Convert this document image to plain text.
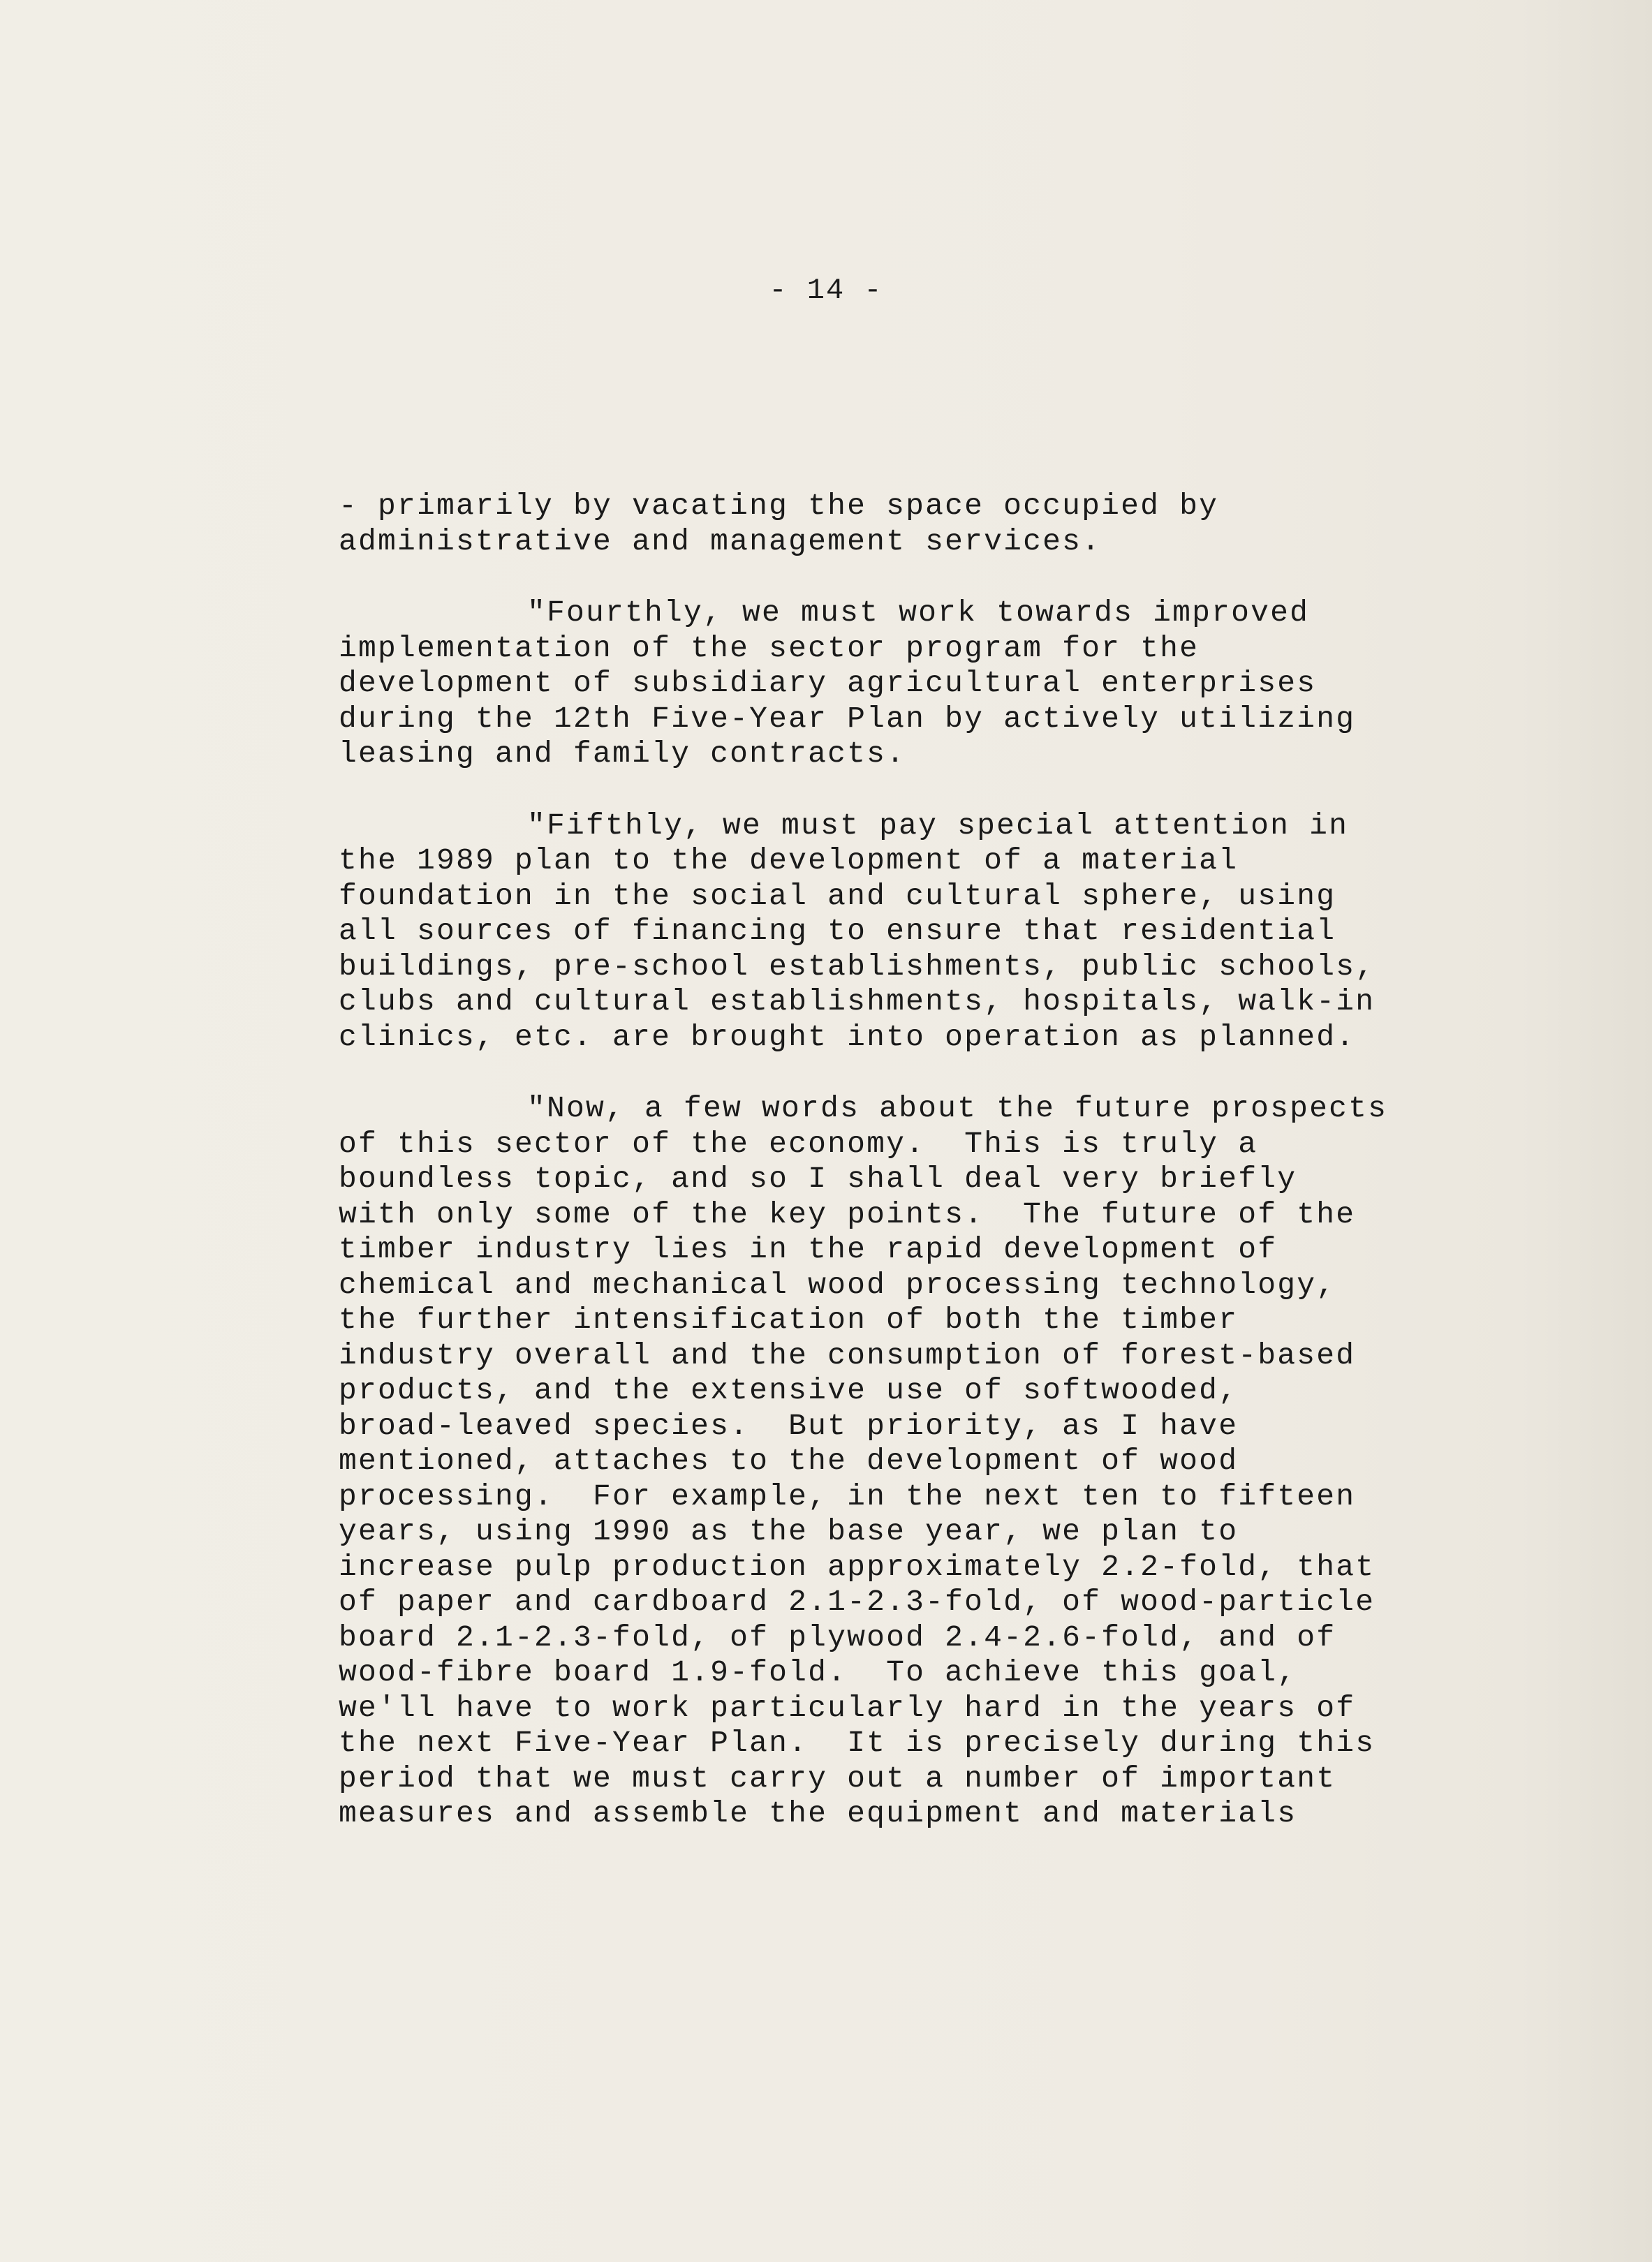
- 14 -
- primarily by vacating the space occupied by
administrative and management services.
"Fourthly, we must work towards improved
implementation of the sector program for the
development of subsidiary agricultural enterprises
during the 12th Five-Year Plan by actively utilizing
leasing and family contracts.
"Fifthly, we must pay special attention in
the 1989 plan to the development of a material
foundation in the social and cultural sphere, using
all sources of financing to ensure that residential
buildings, pre-school establishments, public schools,
clubs and cultural establishments, hospitals, walk-in
clinics, etc. are brought into operation as planned.
"Now, a few words about the future prospects
of this sector of the economy.  This is truly a
boundless topic, and so I shall deal very briefly
with only some of the key points.  The future of the
timber industry lies in the rapid development of
chemical and mechanical wood processing technology,
the further intensification of both the timber
industry overall and the consumption of forest-based
products, and the extensive use of softwooded,
broad-leaved species.  But priority, as I have
mentioned, attaches to the development of wood
processing.  For example, in the next ten to fifteen
years, using 1990 as the base year, we plan to
increase pulp production approximately 2.2-fold, that
of paper and cardboard 2.1-2.3-fold, of wood-particle
board 2.1-2.3-fold, of plywood 2.4-2.6-fold, and of
wood-fibre board 1.9-fold.  To achieve this goal,
we'll have to work particularly hard in the years of
the next Five-Year Plan.  It is precisely during this
period that we must carry out a number of important
measures and assemble the equipment and materials
